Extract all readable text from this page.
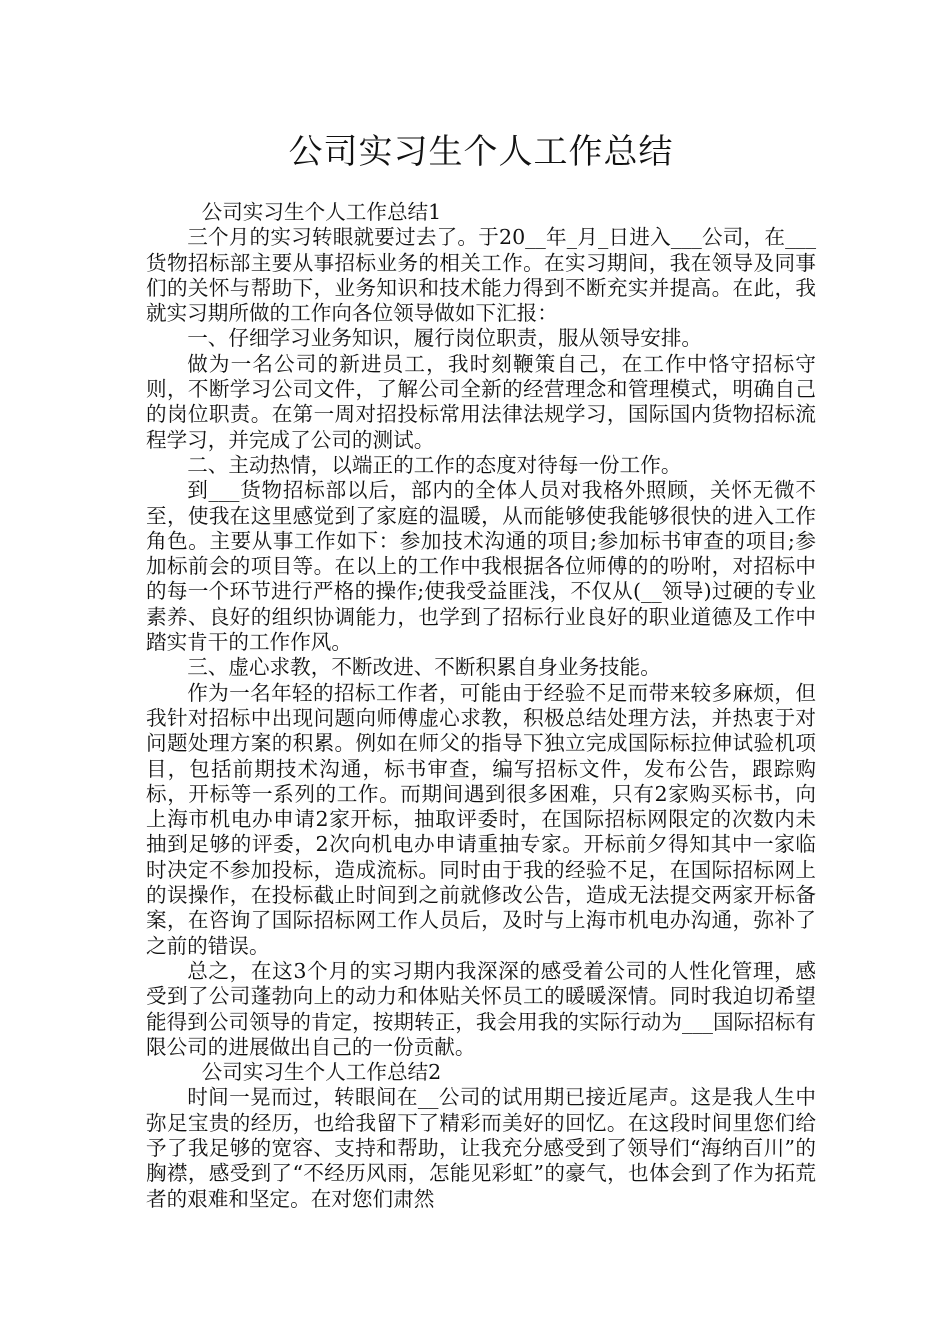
公司实习生个人工作总结

公司实习生个人工作总结1

三个月的实习转眼就要过去了。于20__年_月_日进入___公司，在___货物招标部主要从事招标业务的相关工作。在实习期间，我在领导及同事们的关怀与帮助下，业务知识和技术能力得到不断充实并提高。在此，我就实习期所做的工作向各位领导做如下汇报：

一、仔细学习业务知识，履行岗位职责，服从领导安排。

做为一名公司的新进员工，我时刻鞭策自己，在工作中恪守招标守则，不断学习公司文件，了解公司全新的经营理念和管理模式，明确自己的岗位职责。在第一周对招投标常用法律法规学习，国际国内货物招标流程学习，并完成了公司的测试。

二、主动热情，以端正的工作的态度对待每一份工作。

到___货物招标部以后，部内的全体人员对我格外照顾，关怀无微不至，使我在这里感觉到了家庭的温暖，从而能够使我能够很快的进入工作角色。主要从事工作如下：参加技术沟通的项目;参加标书审查的项目;参加标前会的项目等。在以上的工作中我根据各位师傅的的吩咐，对招标中的每一个环节进行严格的操作;使我受益匪浅，不仅从(__领导)过硬的专业素养、良好的组织协调能力，也学到了招标行业良好的职业道德及工作中踏实肯干的工作作风。

三、虚心求教，不断改进、不断积累自身业务技能。

作为一名年轻的招标工作者，可能由于经验不足而带来较多麻烦，但我针对招标中出现问题向师傅虚心求教，积极总结处理方法，并热衷于对问题处理方案的积累。例如在师父的指导下独立完成国际标拉伸试验机项目，包括前期技术沟通，标书审查，编写招标文件，发布公告，跟踪购标，开标等一系列的工作。而期间遇到很多困难，只有2家购买标书，向上海市机电办申请2家开标，抽取评委时，在国际招标网限定的次数内未抽到足够的评委，2次向机电办申请重抽专家。开标前夕得知其中一家临时决定不参加投标，造成流标。同时由于我的经验不足，在国际招标网上的误操作，在投标截止时间到之前就修改公告，造成无法提交两家开标备案，在咨询了国际招标网工作人员后，及时与上海市机电办沟通，弥补了之前的错误。

总之，在这3个月的实习期内我深深的感受着公司的人性化管理，感受到了公司蓬勃向上的动力和体贴关怀员工的暖暖深情。同时我迫切希望能得到公司领导的肯定，按期转正，我会用我的实际行动为___国际招标有限公司的进展做出自己的一份贡献。

公司实习生个人工作总结2

时间一晃而过，转眼间在__公司的试用期已接近尾声。这是我人生中弥足宝贵的经历，也给我留下了精彩而美好的回忆。在这段时间里您们给予了我足够的宽容、支持和帮助，让我充分感受到了领导们“海纳百川”的胸襟，感受到了“不经历风雨，怎能见彩虹”的豪气，也体会到了作为拓荒者的艰难和坚定。在对您们肃然
